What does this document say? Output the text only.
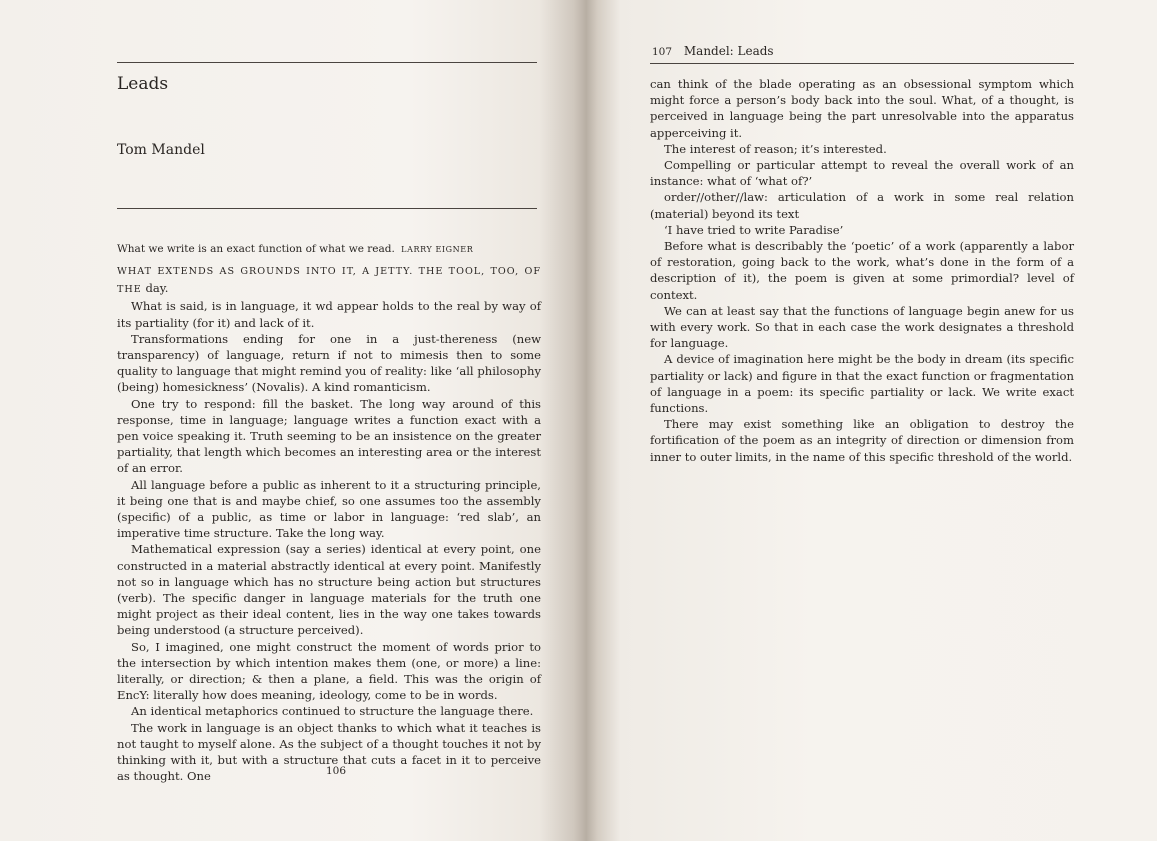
Leads
Tom Mandel
What we write is an exact function of what we read. LARRY EIGNER

WHAT EXTENDS AS GROUNDS INTO IT, A JETTY. THE TOOL, TOO, OF THE day.

What is said, is in language, it wd appear holds to the real by way of its partiality (for it) and lack of it.

Transformations ending for one in a just-thereness (new transparency) of language, return if not to mimesis then to some quality to language that might remind you of reality: like ‘all philosophy (being) homesickness’ (Novalis). A kind romanticism.

One try to respond: fill the basket. The long way around of this response, time in language; language writes a function exact with a pen voice speaking it. Truth seeming to be an insistence on the greater partiality, that length which becomes an interesting area or the interest of an error.

All language before a public as inherent to it a structuring principle, it being one that is and maybe chief, so one assumes too the assembly (specific) of a public, as time or labor in language: ‘red slab’, an imperative time structure. Take the long way.

Mathematical expression (say a series) identical at every point, one constructed in a material abstractly identical at every point. Manifestly not so in language which has no structure being action but structures (verb). The specific danger in language materials for the truth one might project as their ideal content, lies in the way one takes towards being understood (a structure perceived).

So, I imagined, one might construct the moment of words prior to the intersection by which intention makes them (one, or more) a line: literally, or direction; & then a plane, a field. This was the origin of EncY: literally how does meaning, ideology, come to be in words.

An identical metaphorics continued to structure the language there.

The work in language is an object thanks to which what it teaches is not taught to myself alone. As the subject of a thought touches it not by thinking with it, but with a structure that cuts a facet in it to perceive as thought. One	106
107 Mandel: Leads

can think of the blade operating as an obsessional symptom which might force a person’s body back into the soul. What, of a thought, is perceived in language being the part unresolvable into the apparatus apperceiving it.

The interest of reason; it’s interested.

Compelling or particular attempt to reveal the overall work of an instance: what of ‘what of?’

order//other//law: articulation of a work in some real relation (material) beyond its text

‘I have tried to write Paradise’

Before what is describably the ‘poetic’ of a work (apparently a labor of restoration, going back to the work, what’s done in the form of a description of it), the poem is given at some primordial? level of context.

We can at least say that the functions of language begin anew for us with every work. So that in each case the work designates a threshold for language.

A device of imagination here might be the body in dream (its specific partiality or lack) and figure in that the exact function or fragmentation of language in a poem: its specific partiality or lack. We write exact functions.

There may exist something like an obligation to destroy the fortification of the poem as an integrity of direction or dimension from inner to outer limits, in the name of this specific threshold of the world.
